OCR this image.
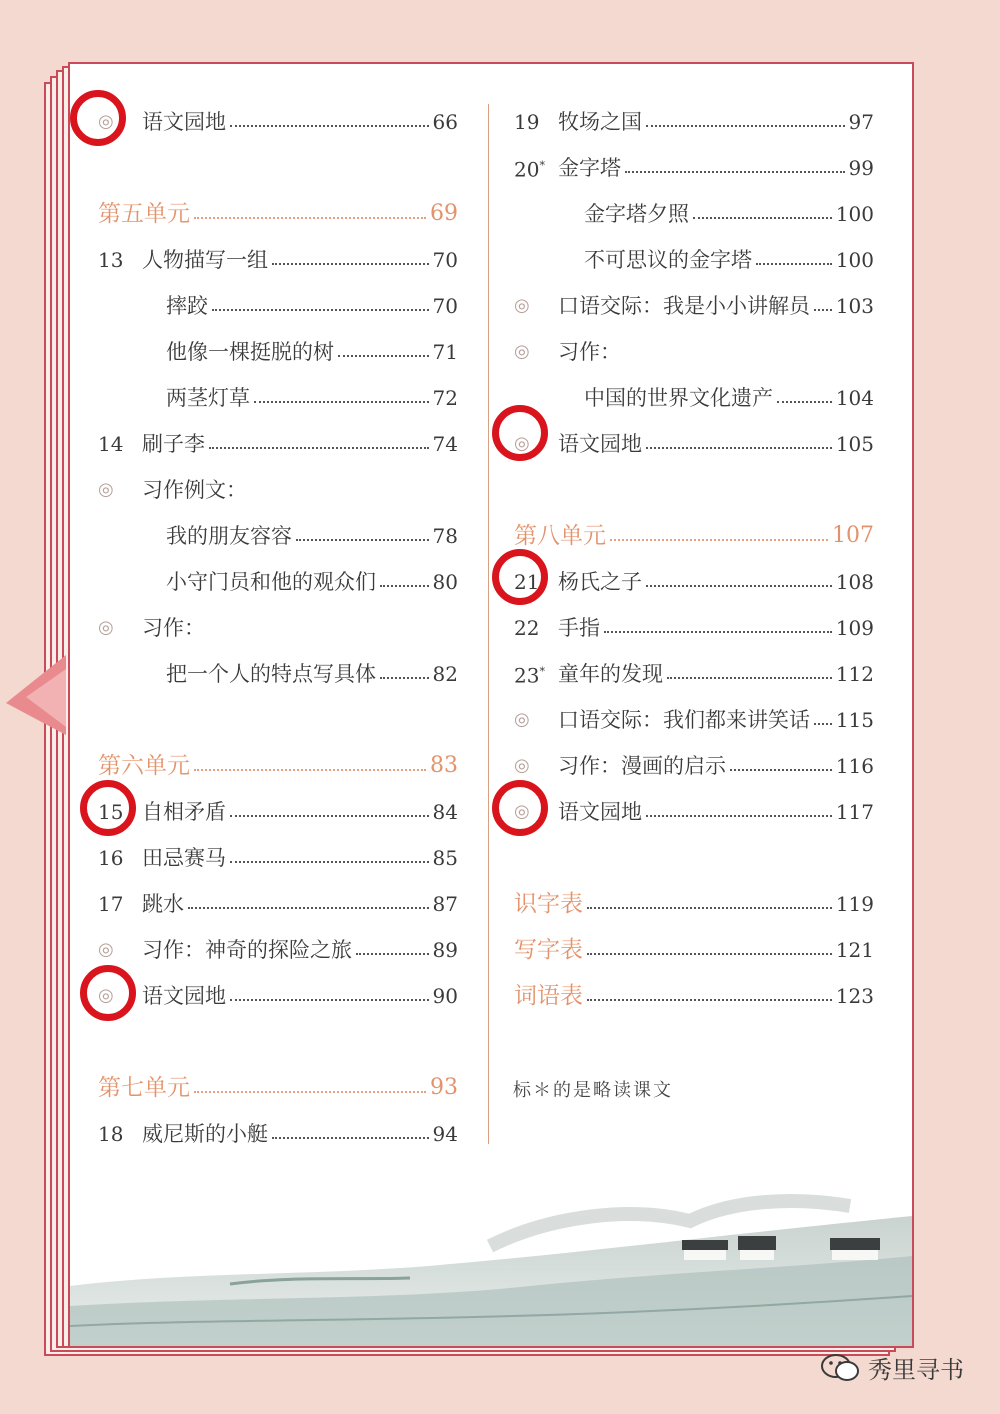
◎	语文园地	66
第五单元	69
13 人物描写一组	70
摔跤	70
他像一棵挺脱的树	71
两茎灯草	72
14 刷子李	74
◎	习作例文：
我的朋友容容	78
小守门员和他的观众们	80
◎	习作：
把一个人的特点写具体	82
第六单元	83
15 自相矛盾	84
16 田忌赛马	85
17 跳水	87
◎	习作：神奇的探险之旅	89
◎	语文园地	90
第七单元	93
18 威尼斯的小艇	94
19 牧场之国	97
20* 金字塔	99
金字塔夕照	100
不可思议的金字塔	100
◎	口语交际：我是小小讲解员 103
◎	习作：
中国的世界文化遗产	104
◎	语文园地	105
第八单元	107
21 杨氏之子	108
22 手指	109
23* 童年的发现	112
◎	口语交际：我们都来讲笑话 115
◎	习作：漫画的启示	116
◎	语文园地	117
识字表	119
写字表	121
词语表	123
标＊的是略读课文
秀里寻书
